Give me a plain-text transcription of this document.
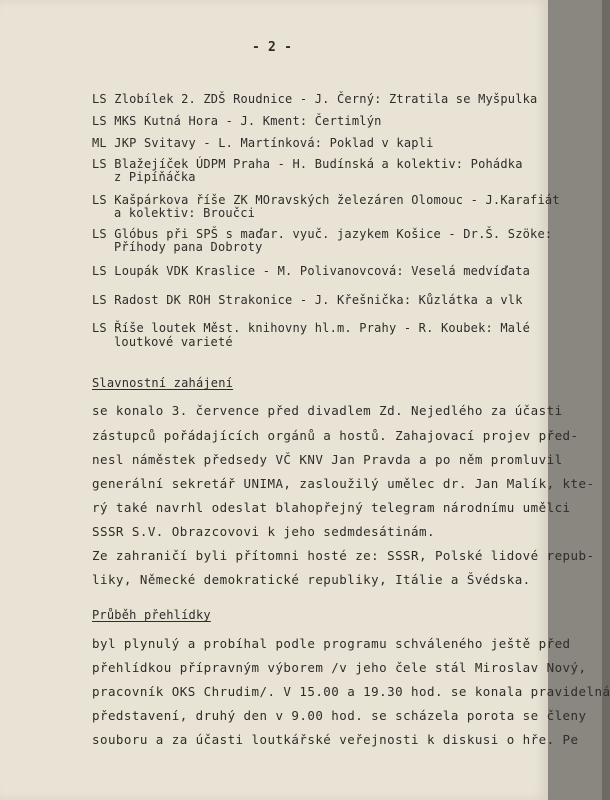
- 2 -
LS Zlobílek 2. ZDŠ Roudnice - J. Černý: Ztratila se Myšpulka
LS MKS Kutná Hora - J. Kment: Čertimlýn
ML JKP Svitavy - L. Martínková: Poklad v kapli
LS Blažejíček ÚDPM Praha - H. Budínská a kolektiv: Pohádka
z Pipíňáčka
LS Kašpárkova říše ZK MOravských železáren Olomouc - J.Karafiát
a kolektiv: Broučci
LS Glóbus při SPŠ s maďar. vyuč. jazykem Košice - Dr.Š. Szöke:
Příhody pana Dobroty
LS Loupák VDK Kraslice - M. Polivanovcová: Veselá medvíďata
LS Radost DK ROH Strakonice - J. Křešnička: Kůzlátka a vlk
LS Říše loutek Měst. knihovny hl.m. Prahy - R. Koubek: Malé
loutkové varieté
Slavnostní zahájení
se konalo 3. července před divadlem Zd. Nejedlého za účasti
zástupců pořádajících orgánů a hostů. Zahajovací projev před-
nesl náměstek předsedy VČ KNV Jan Pravda a po něm promluvil
generální sekretář UNIMA, zasloužilý umělec dr. Jan Malík, kte-
rý také navrhl odeslat blahopřejný telegram národnímu umělci
SSSR S.V. Obrazcovovi k jeho sedmdesátinám.
Ze zahraničí byli přítomni hosté ze: SSSR, Polské lidové repub-
liky, Německé demokratické republiky, Itálie a Švédska.
Průběh přehlídky
byl plynulý a probíhal podle programu schváleného ještě před
přehlídkou přípravným výborem /v jeho čele stál Miroslav Nový,
pracovník OKS Chrudim/. V 15.00 a 19.30 hod. se konala pravidelná
představení, druhý den v 9.00 hod. se scházela porota se členy
souboru a za účasti loutkářské veřejnosti k diskusi o hře. Pe
